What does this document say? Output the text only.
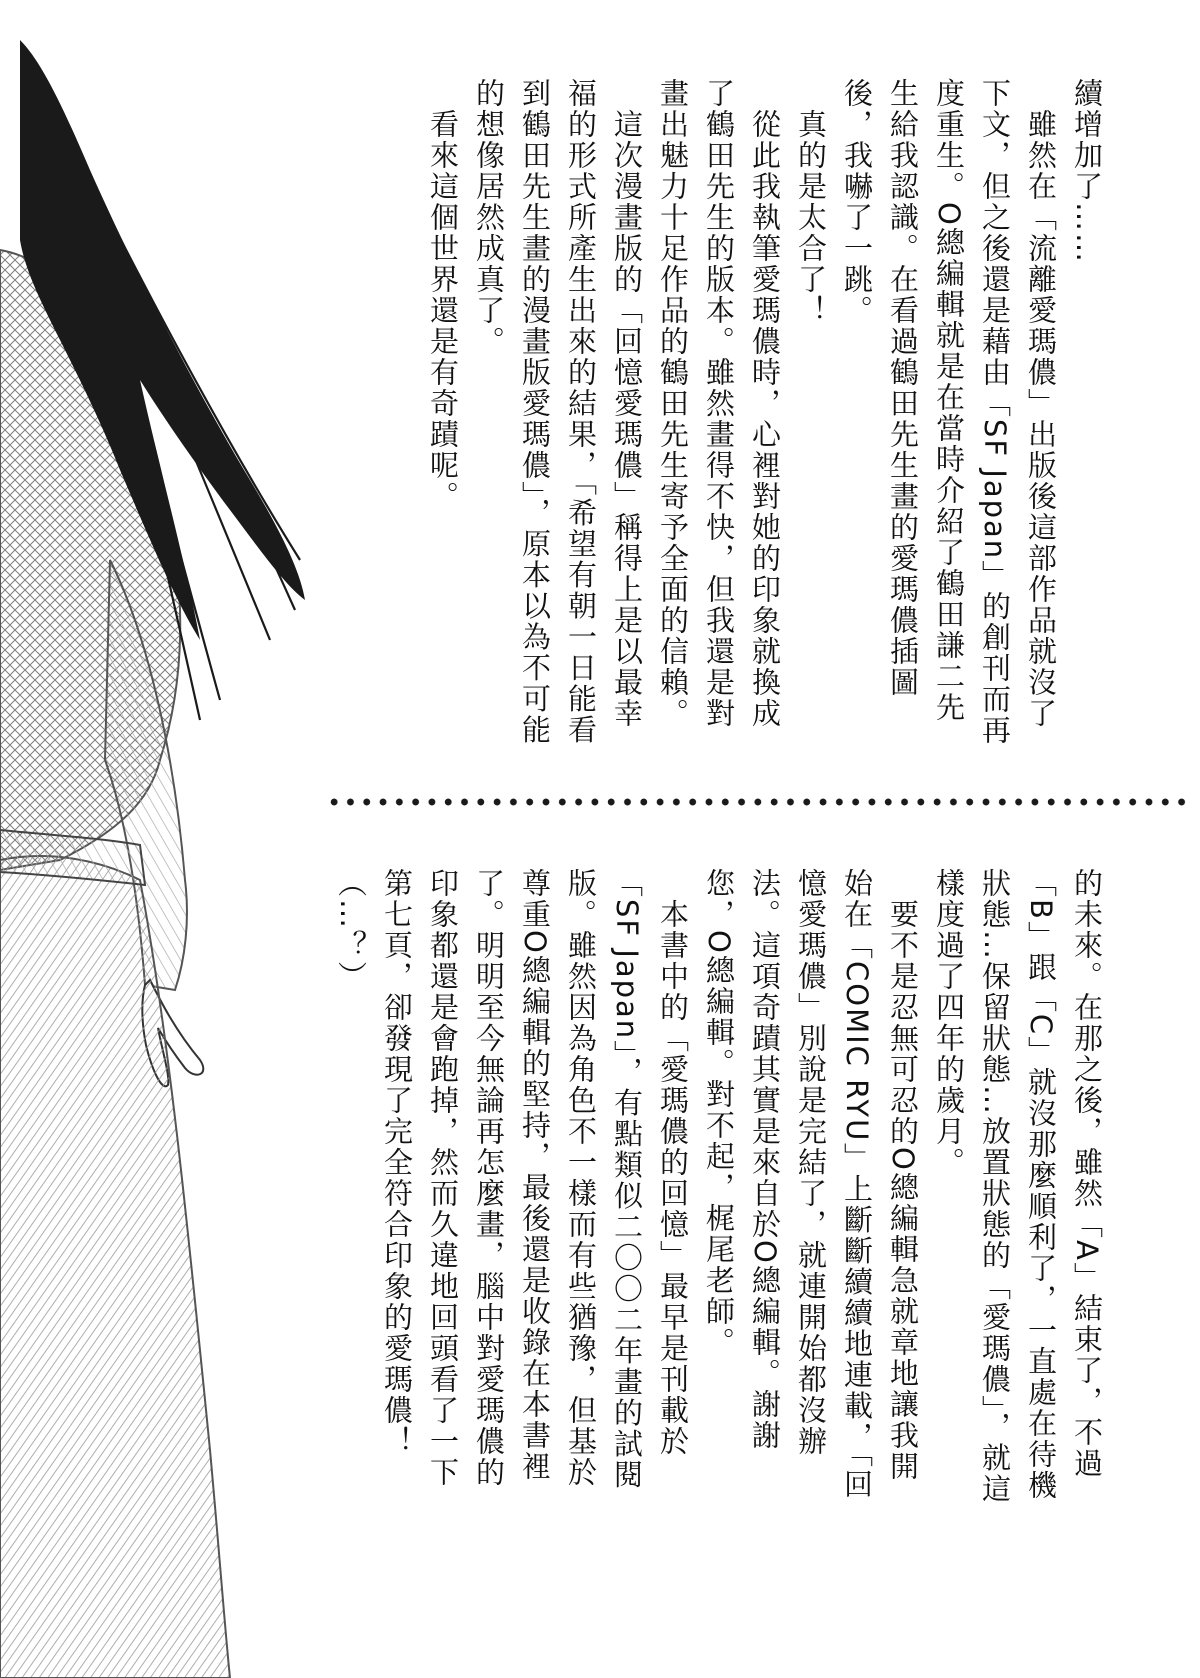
續增加了……

　雖然在「流離愛瑪儂」出版後這部作品就沒了下文，但之後還是藉由「SF Japan」的創刊而再度重生。O總編輯就是在當時介紹了鶴田謙二先生給我認識。在看過鶴田先生畫的愛瑪儂插圖後，我嚇了一跳。

　真的是太合了！

　從此我執筆愛瑪儂時，心裡對她的印象就換成了鶴田先生的版本。雖然畫得不快，但我還是對畫出魅力十足作品的鶴田先生寄予全面的信賴。

　這次漫畫版的「回憶愛瑪儂」稱得上是以最幸福的形式所產生出來的結果，「希望有朝一日能看到鶴田先生畫的漫畫版愛瑪儂」，原本以為不可能的想像居然成真了。

　看來這個世界還是有奇蹟呢。

的未來。在那之後，雖然「A」結束了，不過「B」跟「C」就沒那麼順利了，一直處在待機狀態…保留狀態…放置狀態的「愛瑪儂」，就這樣度過了四年的歲月。

　要不是忍無可忍的O總編輯急就章地讓我開始在「COMIC RYU」上斷斷續續地連載，「回憶愛瑪儂」別說是完結了，就連開始都沒辦法。這項奇蹟其實是來自於O總編輯。謝謝您，O總編輯。對不起，梶尾老師。

　本書中的「愛瑪儂的回憶」最早是刊載於「SF Japan」，有點類似二〇〇二年畫的試閱版。雖然因為角色不一樣而有些猶豫，但基於尊重O總編輯的堅持，最後還是收錄在本書裡了。明明至今無論再怎麼畫，腦中對愛瑪儂的印象都還是會跑掉，然而久違地回頭看了一下第七頁，卻發現了完全符合印象的愛瑪儂！（…？）
